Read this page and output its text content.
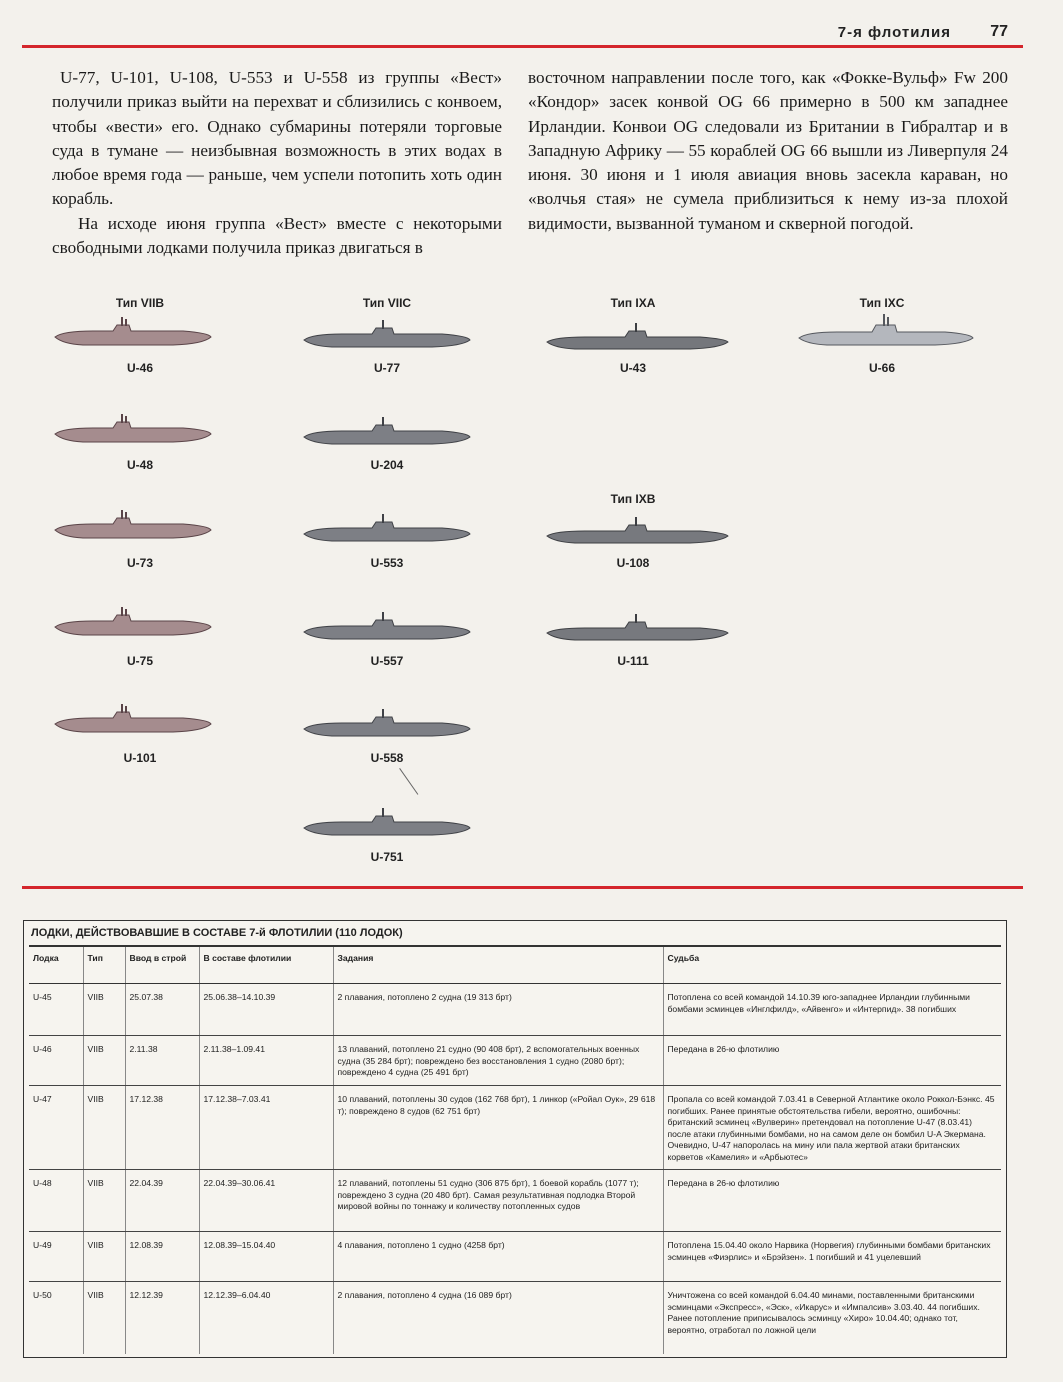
7-я флотилия 77

U-77, U-101, U-108, U-553 и U-558 из группы «Вест» получили приказ выйти на перехват и сблизились с конвоем, чтобы «вести» его. Однако субмарины потеряли торговые суда в тумане — неизбывная возможность в этих водах в любое время года — раньше, чем успели потопить хоть один корабль.

На исходе июня группа «Вест» вместе с некоторыми свободными лодками получила приказ двигаться в

восточном направлении после того, как «Фокке-Вульф» Fw 200 «Кондор» засек конвой OG 66 примерно в 500 км западнее Ирландии. Конвои OG следовали из Британии в Гибралтар и в Западную Африку — 55 кораблей OG 66 вышли из Ливерпуля 24 июня. 30 июня и 1 июля авиация вновь засекла караван, но «волчья стая» не сумела приблизиться к нему из-за плохой видимости, вызванной туманом и скверной погодой.

Тип VIIB	Тип VIIC	Тип IXA	Тип IXC
Тип IXB
U-46
U-48
U-73
U-75
U-101
U-77
U-204
U-553
U-557
U-558
U-751
U-43
U-108
U-111
U-66
ЛОДКИ, ДЕЙСТВОВАВШИЕ В СОСТАВЕ 7-й ФЛОТИЛИИ (110 ЛОДОК)
Лодка	Тип	Ввод в строй	В составе флотилии	Задания	Судьба
U-45	VIIB	25.07.38	25.06.38–14.10.39	2 плавания, потоплено 2 судна (19 313 брт)	Потоплена со всей командой 14.10.39 юго-западнее Ирландии глубинными бомбами эсминцев «Инглфилд», «Айвенго» и «Интерпид». 38 погибших
U-46	VIIB	2.11.38	2.11.38–1.09.41	13 плаваний, потоплено 21 судно (90 408 брт), 2 вспомогательных военных судна (35 284 брт); повреждено без восстановления 1 судно (2080 брт); повреждено 4 судна (25 491 брт)	Передана в 26-ю флотилию
U-47	VIIB	17.12.38	17.12.38–7.03.41	10 плаваний, потоплены 30 судов (162 768 брт), 1 линкор («Ройал Оук», 29 618 т); повреждено 8 судов (62 751 брт)	Пропала со всей командой 7.03.41 в Северной Атлантике около Роккол-Бэнкс. 45 погибших. Ранее принятые обстоятельства гибели, вероятно, ошибочны: британский эсминец «Вулверин» претендовал на потопление U-47 (8.03.41) после атаки глубинными бомбами, но на самом деле он бомбил U-A Экермана. Очевидно, U-47 напоролась на мину или пала жертвой атаки британских корветов «Камелия» и «Арбьютес»
U-48	VIIB	22.04.39	22.04.39–30.06.41	12 плаваний, потоплены 51 судно (306 875 брт), 1 боевой корабль (1077 т); повреждено 3 судна (20 480 брт). Самая результативная подлодка Второй мировой войны по тоннажу и количеству потопленных судов	Передана в 26-ю флотилию
U-49	VIIB	12.08.39	12.08.39–15.04.40	4 плавания, потоплено 1 судно (4258 брт)	Потоплена 15.04.40 около Нарвика (Норвегия) глубинными бомбами британских эсминцев «Фиэрлис» и «Брэйзен». 1 погибший и 41 уцелевший
U-50	VIIB	12.12.39	12.12.39–6.04.40	2 плавания, потоплено 4 судна (16 089 брт)	Уничтожена со всей командой 6.04.40 минами, поставленными британскими эсминцами «Экспресс», «Эск», «Икарус» и «Импалсив» 3.03.40. 44 погибших. Ранее потопление приписывалось эсминцу «Хиро» 10.04.40; однако тот, вероятно, отработал по ложной цели
